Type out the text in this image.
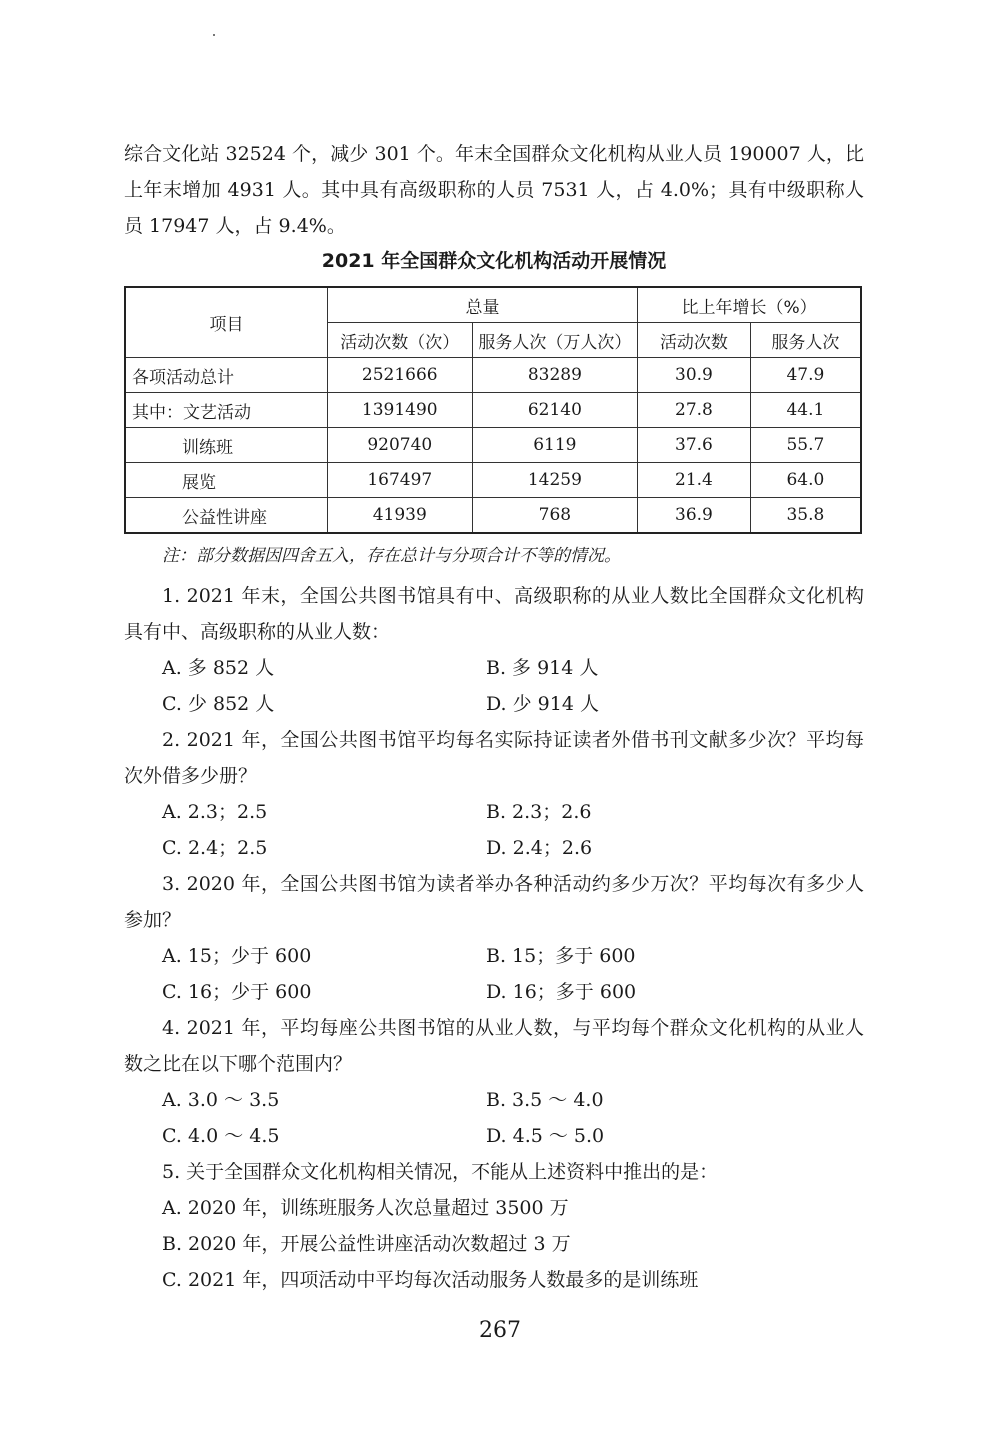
综合文化站 32524 个，减少 301 个。年末全国群众文化机构从业人员 190007 人，比上年末增加 4931 人。其中具有高级职称的人员 7531 人，占 4.0%；具有中级职称人员 17947 人，占 9.4%。

2021 年全国群众文化机构活动开展情况
项目	总量		比上年增长（%）	
	活动次数（次）	服务人次（万人次）	活动次数	服务人次
各项活动总计	2521666	83289	30.9	47.9
其中：文艺活动	1391490	62140	27.8	44.1
训练班	920740	6119	37.6	55.7
展览	167497	14259	21.4	64.0
公益性讲座	41939	768	36.9	35.8
注：部分数据因四舍五入，存在总计与分项合计不等的情况。

1. 2021 年末，全国公共图书馆具有中、高级职称的从业人数比全国群众文化机构具有中、高级职称的从业人数：

A. 多 852 人	B. 多 914 人
C. 少 852 人	D. 少 914 人

2. 2021 年，全国公共图书馆平均每名实际持证读者外借书刊文献多少次？平均每次外借多少册？

A. 2.3；2.5	B. 2.3；2.6
C. 2.4；2.5	D. 2.4；2.6

3. 2020 年，全国公共图书馆为读者举办各种活动约多少万次？平均每次有多少人参加？

A. 15；少于 600	B. 15；多于 600
C. 16；少于 600	D. 16；多于 600

4. 2021 年，平均每座公共图书馆的从业人数，与平均每个群众文化机构的从业人数之比在以下哪个范围内？

A. 3.0 ～ 3.5	B. 3.5 ～ 4.0
C. 4.0 ～ 4.5	D. 4.5 ～ 5.0

5. 关于全国群众文化机构相关情况，不能从上述资料中推出的是：

A. 2020 年，训练班服务人次总量超过 3500 万
B. 2020 年，开展公益性讲座活动次数超过 3 万
C. 2021 年，四项活动中平均每次活动服务人数最多的是训练班
267
